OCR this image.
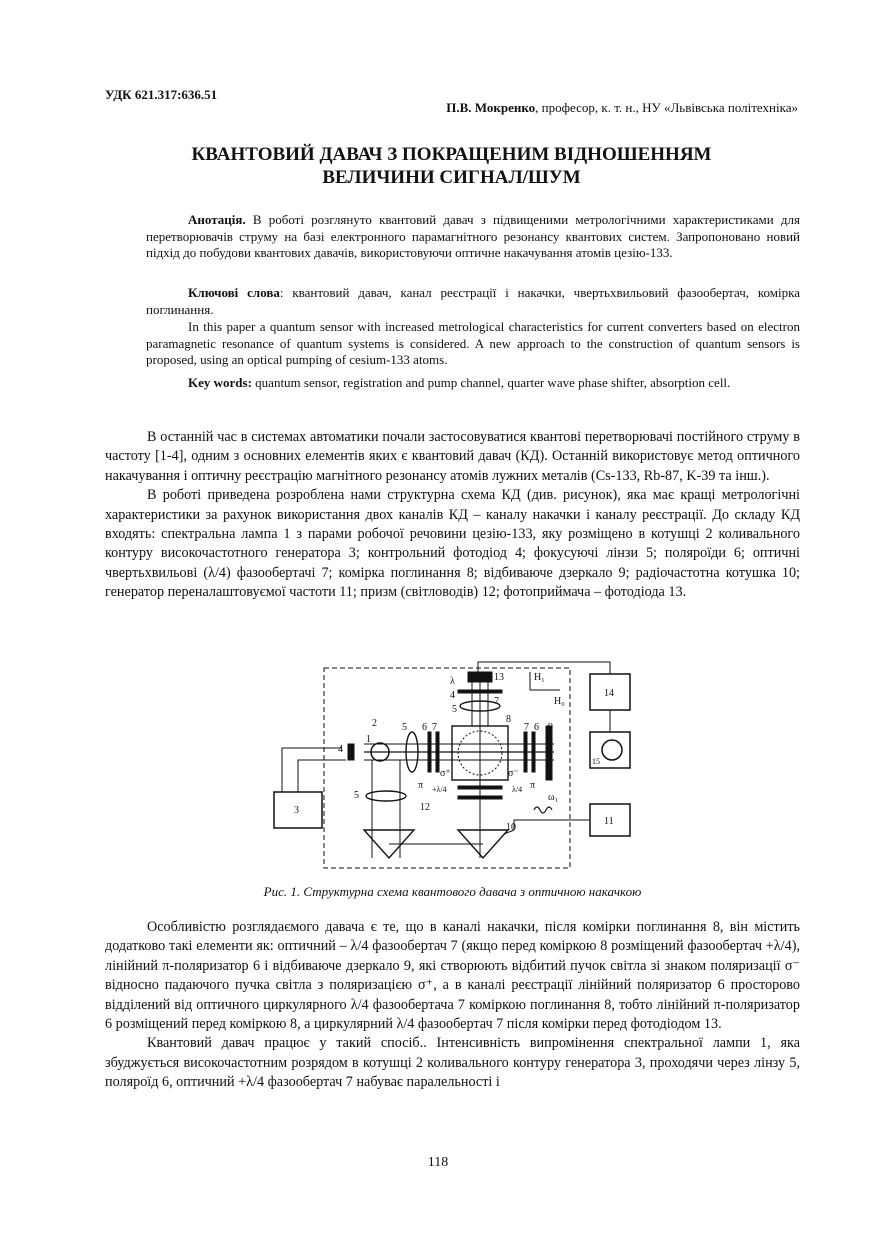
УДК 621.317:636.51
П.В. Мокренко, професор, к. т. н., НУ «Львівська політехніка»
КВАНТОВИЙ ДАВАЧ З ПОКРАЩЕНИМ ВІДНОШЕННЯМ
ВЕЛИЧИНИ СИГНАЛ/ШУМ

Анотація. В роботі розглянуто квантовий давач з підвищеними метрологічними характеристиками для перетворювачів струму на базі електронного парамагнітного резонансу квантових систем. Запропоновано новий підхід до побудови квантових давачів, використовуючи оптичне накачування атомів цезію-133.

Ключові слова: квантовий давач, канал реєстрації і накачки, чвертьхвильовий фазообертач, комірка поглинання.

In this paper a quantum sensor with increased metrological characteristics for current converters based on electron paramagnetic resonance of quantum systems is considered. A new approach to the construction of quantum sensors is proposed, using an optical pumping of cesium-133 atoms.

Key words: quantum sensor, registration and pump channel, quarter wave phase shifter, absorption cell.

В останній час в системах автоматики почали застосовуватися квантові перетворювачі постійного струму в частоту [1-4], одним з основних елементів яких є квантовий давач (КД). Останній використовує метод оптичного накачування і оптичну реєстрацію магнітного резонансу атомів лужних металів (Cs-133, Rb-87, K-39 та інш.).

В роботі приведена розроблена нами структурна схема КД (див. рисунок), яка має кращі метрологічні характеристики за рахунок використання двох каналів КД – каналу накачки і каналу реєстрації. До складу КД входять: спектральна лампа 1 з парами робочої речовини цезію-133, яку розміщено в котушці 2 коливального контуру високочастотного генератора 3; контрольний фотодіод 4; фокусуючі лінзи 5; поляроїди 6; оптичні чвертьхвильові (λ/4) фазообертачі 7; комірка поглинання 8; відбиваюче дзеркало 9; радіочастотна котушка 10; генератор переналаштовуємої частоти 11; призм (світловодів) 12; фотоприймача – фотодіода 13.

2
1
4
3
5
5
5
6 7
8
7 6 9
7
13
λ
4
H₁
H₀
14
15
11
12
10
σ⁺	σ⁻
π	π
+λ/4	λ/4
ω₁
Рис. 1. Структурна схема квантового давача з оптичною накачкою

Особливістю розглядаємого давача є те, що в каналі накачки, після комірки поглинання 8, він містить додатково такі елементи як: оптичний – λ/4 фазообертач 7 (якщо перед коміркою 8 розміщений фазообертач +λ/4), лінійний π-поляризатор 6 і відбиваюче дзеркало 9, які створюють відбитий пучок світла зі знаком поляризації σ⁻ відносно падаючого пучка світла з поляризацією σ⁺, а в каналі реєстрації лінійний поляризатор 6 просторово відділений від оптичного циркулярного λ/4 фазообертача 7 коміркою поглинання 8, тобто лінійний π-поляризатор 6 розміщений перед коміркою 8, а циркулярний λ/4 фазообертач 7 після комірки перед фотодіодом 13.

Квантовий давач працює у такий спосіб.. Інтенсивність випромінення спектральної лампи 1, яка збуджується високочастотним розрядом в котушці 2 коливального контуру генератора 3, проходячи через лінзу 5, поляроїд 6, оптичний +λ/4 фазообертач 7 набуває паралельності і

118
